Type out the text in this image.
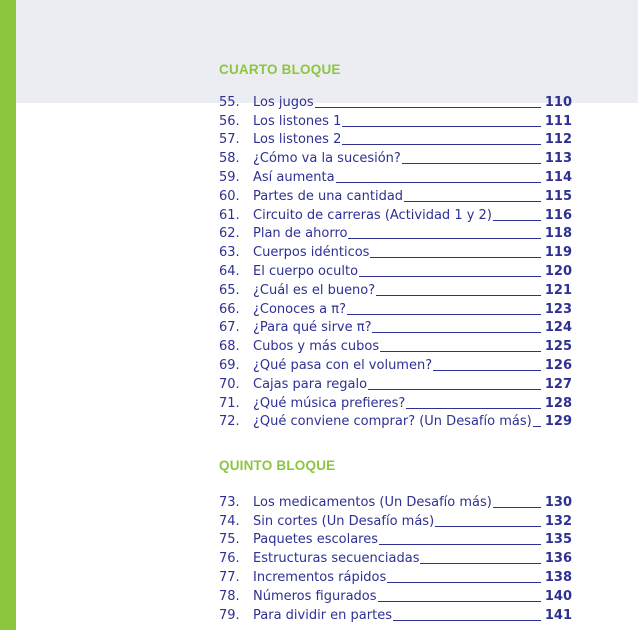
CUARTO BLOQUE
55.	Los jugos	110
56.	Los listones 1	111
57.	Los listones 2	112
58.	¿Cómo va la sucesión?	113
59.	Así aumenta	114
60.	Partes de una cantidad	115
61.	Circuito de carreras (Actividad 1 y 2)	116
62.	Plan de ahorro	118
63.	Cuerpos idénticos	119
64.	El cuerpo oculto	120
65.	¿Cuál es el bueno?	121
66.	¿Conoces a π?	123
67.	¿Para qué sirve π?	124
68.	Cubos y más cubos	125
69.	¿Qué pasa con el volumen?	126
70.	Cajas para regalo	127
71.	¿Qué música prefieres?	128
72.	¿Qué conviene comprar? (Un Desafío más) 129
QUINTO BLOQUE
73.	Los medicamentos (Un Desafío más)	130
74.	Sin cortes (Un Desafío más)	132
75.	Paquetes escolares	135
76.	Estructuras secuenciadas	136
77.	Incrementos rápidos	138
78.	Números figurados	140
79.	Para dividir en partes	141
